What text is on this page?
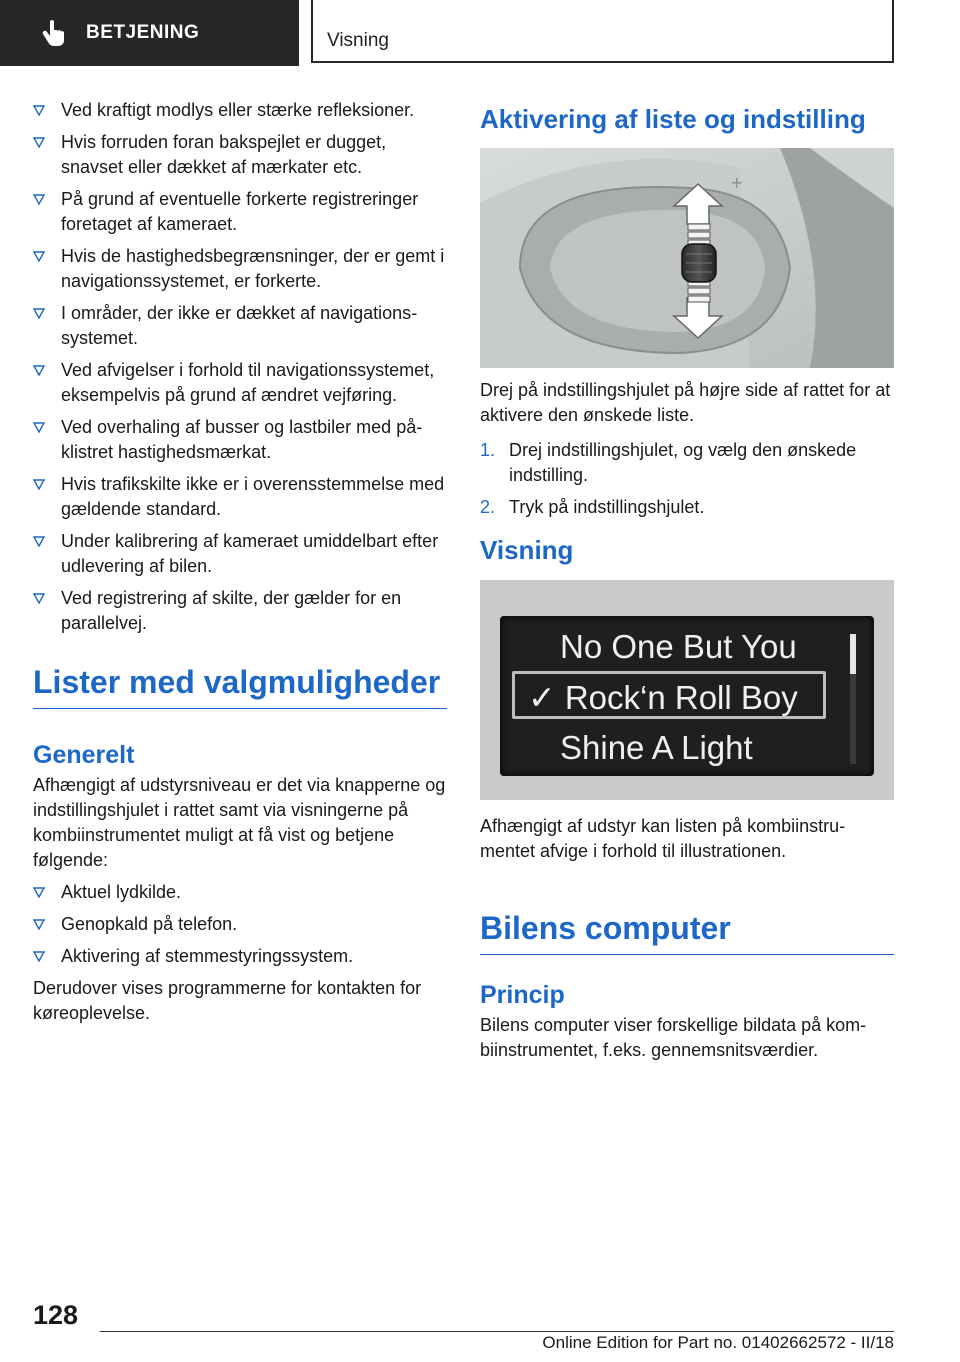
BETJENING	Visning
Ved kraftigt modlys eller stærke refleksioner.
Hvis forruden foran bakspejlet er dugget, snavset eller dækket af mærkater etc.
På grund af eventuelle forkerte registreringer foretaget af kameraet.
Hvis de hastighedsbegrænsninger, der er gemt i navigationssystemet, er forkerte.
I områder, der ikke er dækket af navigationssystemet.
Ved afvigelser i forhold til navigationssystemet, eksempelvis på grund af ændret vejføring.
Ved overhaling af busser og lastbiler med påklistret hastighedsmærkat.
Hvis trafikskilte ikke er i overensstemmelse med gældende standard.
Under kalibrering af kameraet umiddelbart efter udlevering af bilen.
Ved registrering af skilte, der gælder for en parallelvej.
Lister med valgmuligheder
Generelt

Afhængigt af udstyrsniveau er det via knapperne og indstillingshjulet i rattet samt via visningerne på kombiinstrumentet muligt at få vist og betjene følgende:

Aktuel lydkilde.
Genopkald på telefon.
Aktivering af stemmestyringssystem.

Derudover vises programmerne for kontakten for køreoplevelse.

Aktivering af liste og indstilling
+

Drej på indstillingshjulet på højre side af rattet for at aktivere den ønskede liste.

1. Drej indstillingshjulet, og vælg den ønskede indstilling.
2. Tryk på indstillingshjulet.
Visning
No One But You
✓ Rock‘n Roll Boy
Shine A Light

Afhængigt af udstyr kan listen på kombiinstrumentet afvige i forhold til illustrationen.

Bilens computer
Princip

Bilens computer viser forskellige bildata på kombiinstrumentet, f.eks. gennemsnitsværdier.

128
Online Edition for Part no. 01402662572 - II/18
